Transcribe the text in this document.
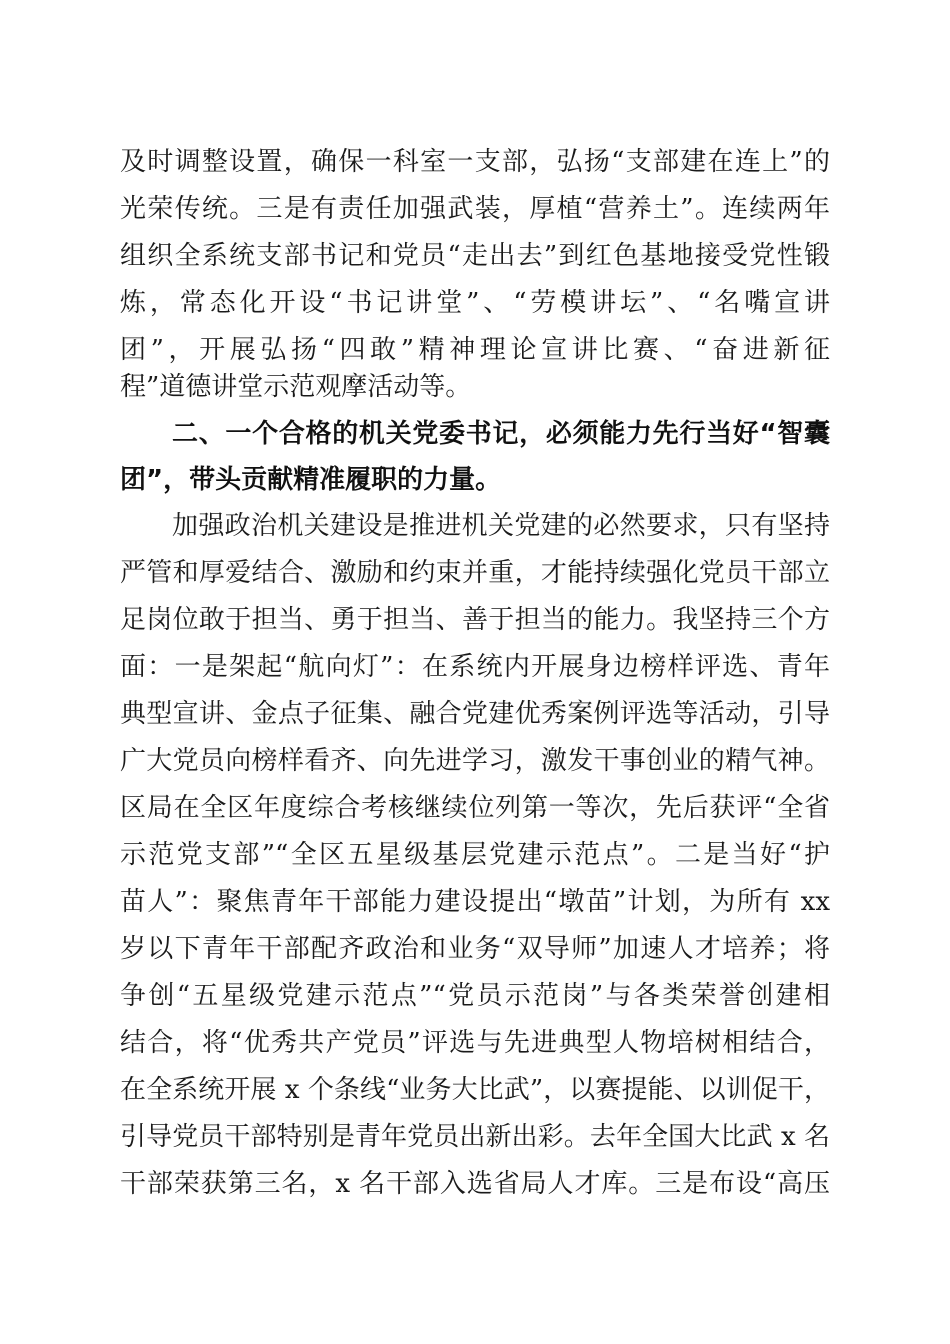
及时调整设置，确保一科室一支部，弘扬“支部建在连上”的
光荣传统。三是有责任加强武装，厚植“营养土”。连续两年
组织全系统支部书记和党员“走出去”到红色基地接受党性锻
炼，常态化开设“书记讲堂”、“劳模讲坛”、“名嘴宣讲
团”，开展弘扬“四敢”精神理论宣讲比赛、“奋进新征
程”道德讲堂示范观摩活动等。
二、一个合格的机关党委书记，必须能力先行当好“智囊
团”，带头贡献精准履职的力量。
加强政治机关建设是推进机关党建的必然要求，只有坚持
严管和厚爱结合、激励和约束并重，才能持续强化党员干部立
足岗位敢于担当、勇于担当、善于担当的能力。我坚持三个方
面：一是架起“航向灯”：在系统内开展身边榜样评选、青年
典型宣讲、金点子征集、融合党建优秀案例评选等活动，引导
广大党员向榜样看齐、向先进学习，激发干事创业的精气神。
区局在全区年度综合考核继续位列第一等次，先后获评“全省
示范党支部”“全区五星级基层党建示范点”。二是当好“护
苗人”：聚焦青年干部能力建设提出“墩苗”计划，为所有 xx
岁以下青年干部配齐政治和业务“双导师”加速人才培养；将
争创“五星级党建示范点”“党员示范岗”与各类荣誉创建相
结合，将“优秀共产党员”评选与先进典型人物培树相结合，
在全系统开展 x 个条线“业务大比武”，以赛提能、以训促干，
引导党员干部特别是青年党员出新出彩。去年全国大比武 x 名
干部荣获第三名，x 名干部入选省局人才库。三是布设“高压
